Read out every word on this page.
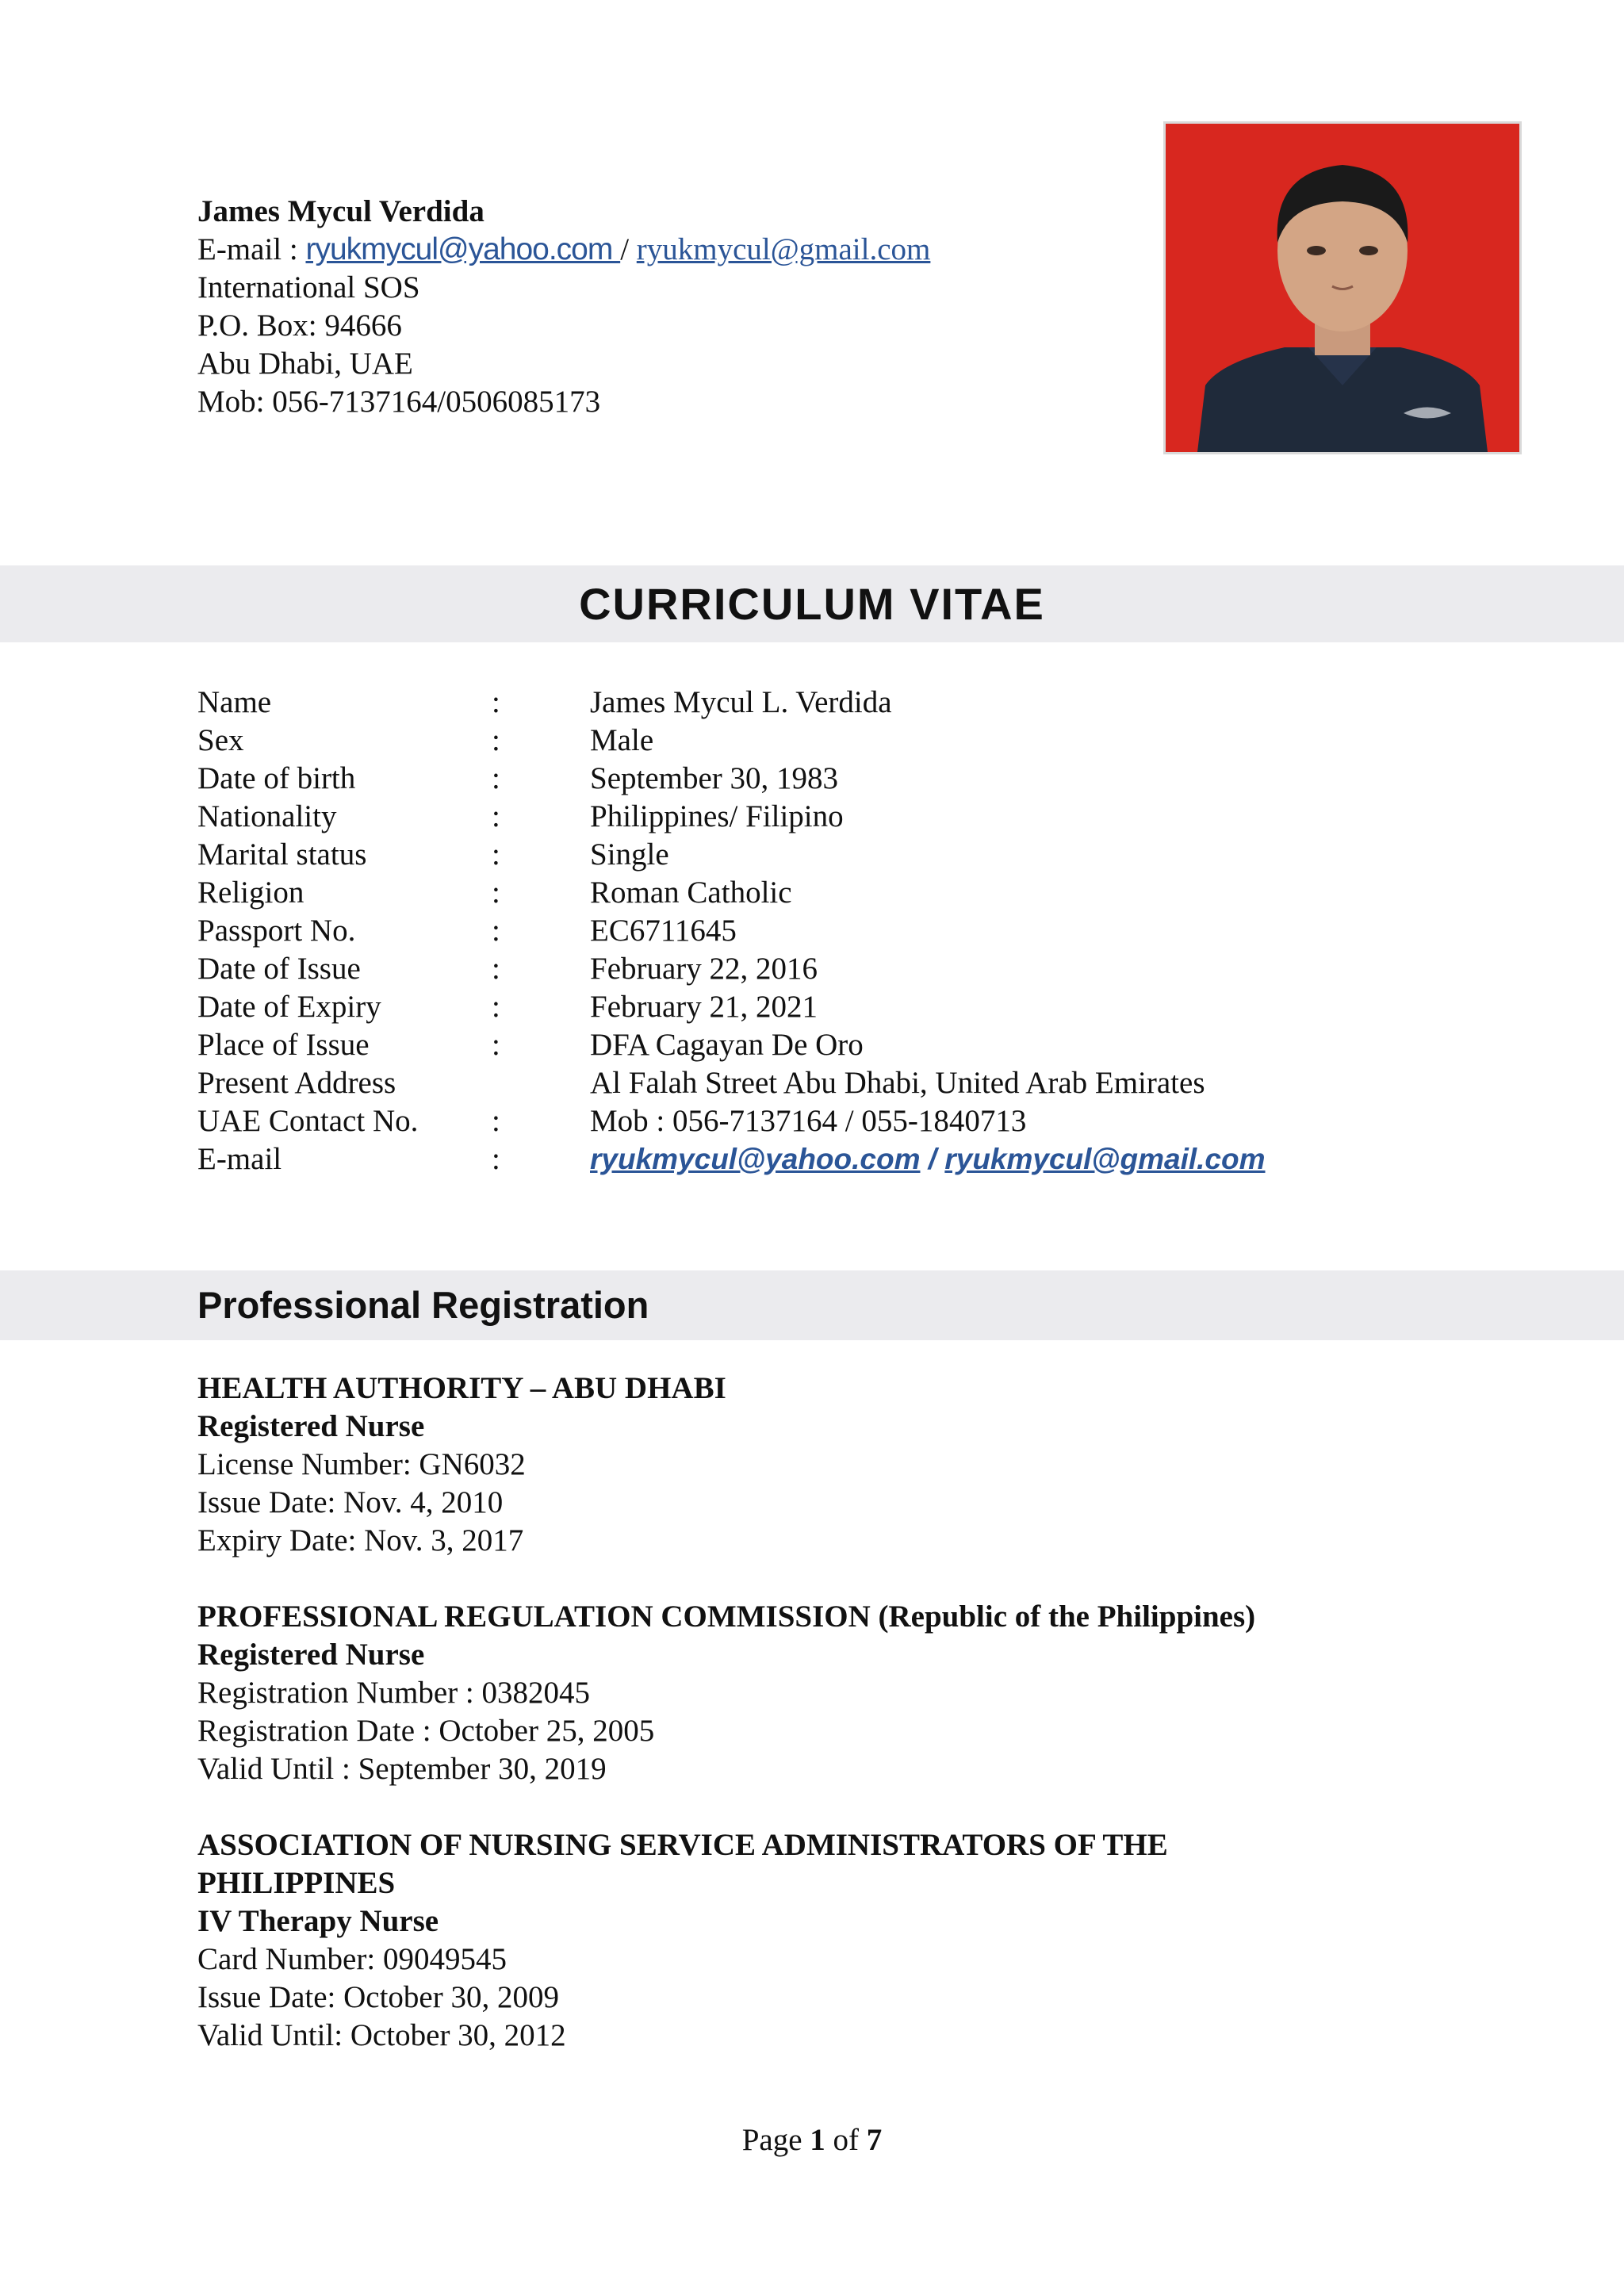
James Mycul Verdida
E-mail : ryukmycul@yahoo.com / ryukmycul@gmail.com
International SOS
P.O. Box: 94666
Abu Dhabi, UAE
Mob: 056-7137164/0506085173
CURRICULUM VITAE
Name	:	James Mycul L. Verdida
Sex	:	Male
Date of birth	:	September 30, 1983
Nationality	:	Philippines/ Filipino
Marital status	:	Single
Religion	:	Roman Catholic
Passport No.	:	EC6711645
Date of Issue	:	February 22, 2016
Date of Expiry	:	February 21, 2021
Place of Issue	:	DFA Cagayan De Oro
Present Address	Al Falah Street Abu Dhabi, United Arab Emirates
UAE Contact No. :	Mob : 056-7137164 / 055-1840713
E-mail	:	ryukmycul@yahoo.com / ryukmycul@gmail.com
Professional Registration
HEALTH AUTHORITY – ABU DHABI
Registered Nurse
License Number: GN6032
Issue Date: Nov. 4, 2010
Expiry Date: Nov. 3, 2017
PROFESSIONAL REGULATION COMMISSION (Republic of the Philippines)
Registered Nurse
Registration Number : 0382045
Registration Date : October 25, 2005
Valid Until : September 30, 2019
ASSOCIATION OF NURSING SERVICE ADMINISTRATORS OF THE
PHILIPPINES
IV Therapy Nurse
Card Number: 09049545
Issue Date: October 30, 2009
Valid Until: October 30, 2012
Page 1 of 7
